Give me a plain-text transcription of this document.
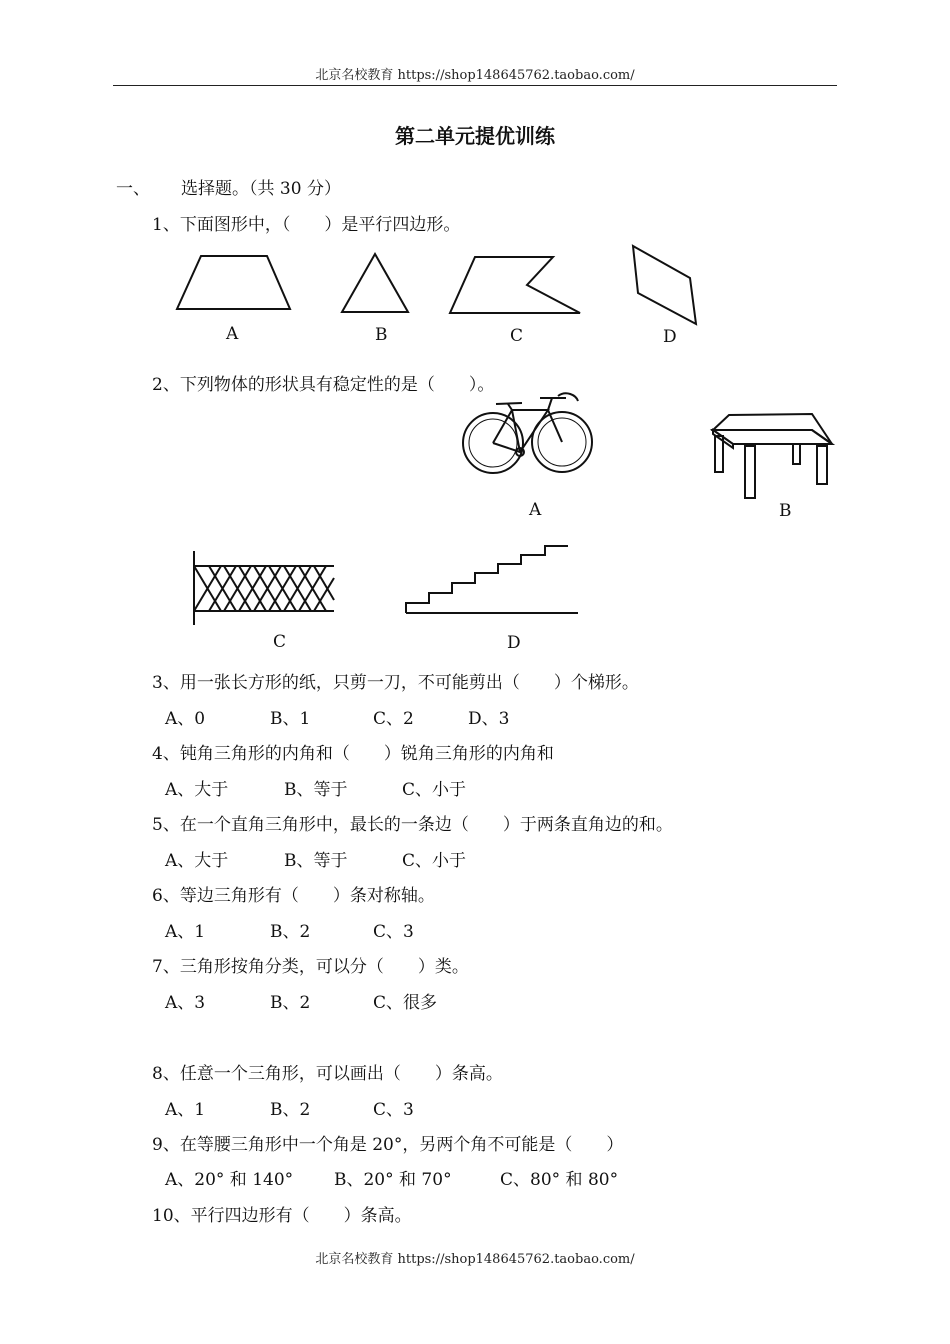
北京名校教育 https://shop148645762.taobao.com/
第二单元提优训练
一、 选择题。（共 30 分）
1、下面图形中，（　　）是平行四边形。
A	B	C	D
2、下列物体的形状具有稳定性的是（　　）。
A	B
C	D
3、用一张长方形的纸，只剪一刀，不可能剪出（　　）个梯形。
A、0	B、1	C、2	D、3
4、钝角三角形的内角和（　　）锐角三角形的内角和
A、大于	B、等于	C、小于
5、在一个直角三角形中，最长的一条边（　　）于两条直角边的和。
A、大于	B、等于	C、小于
6、等边三角形有（　　）条对称轴。
A、1	B、2	C、3
7、三角形按角分类，可以分（　　）类。
A、3	B、2	C、很多
8、任意一个三角形，可以画出（　　）条高。
A、1	B、2	C、3
9、在等腰三角形中一个角是 20°，另两个角不可能是（　　）
A、20° 和 140° B、20° 和 70°	C、80° 和 80°
10、平行四边形有（　　）条高。
北京名校教育 https://shop148645762.taobao.com/
